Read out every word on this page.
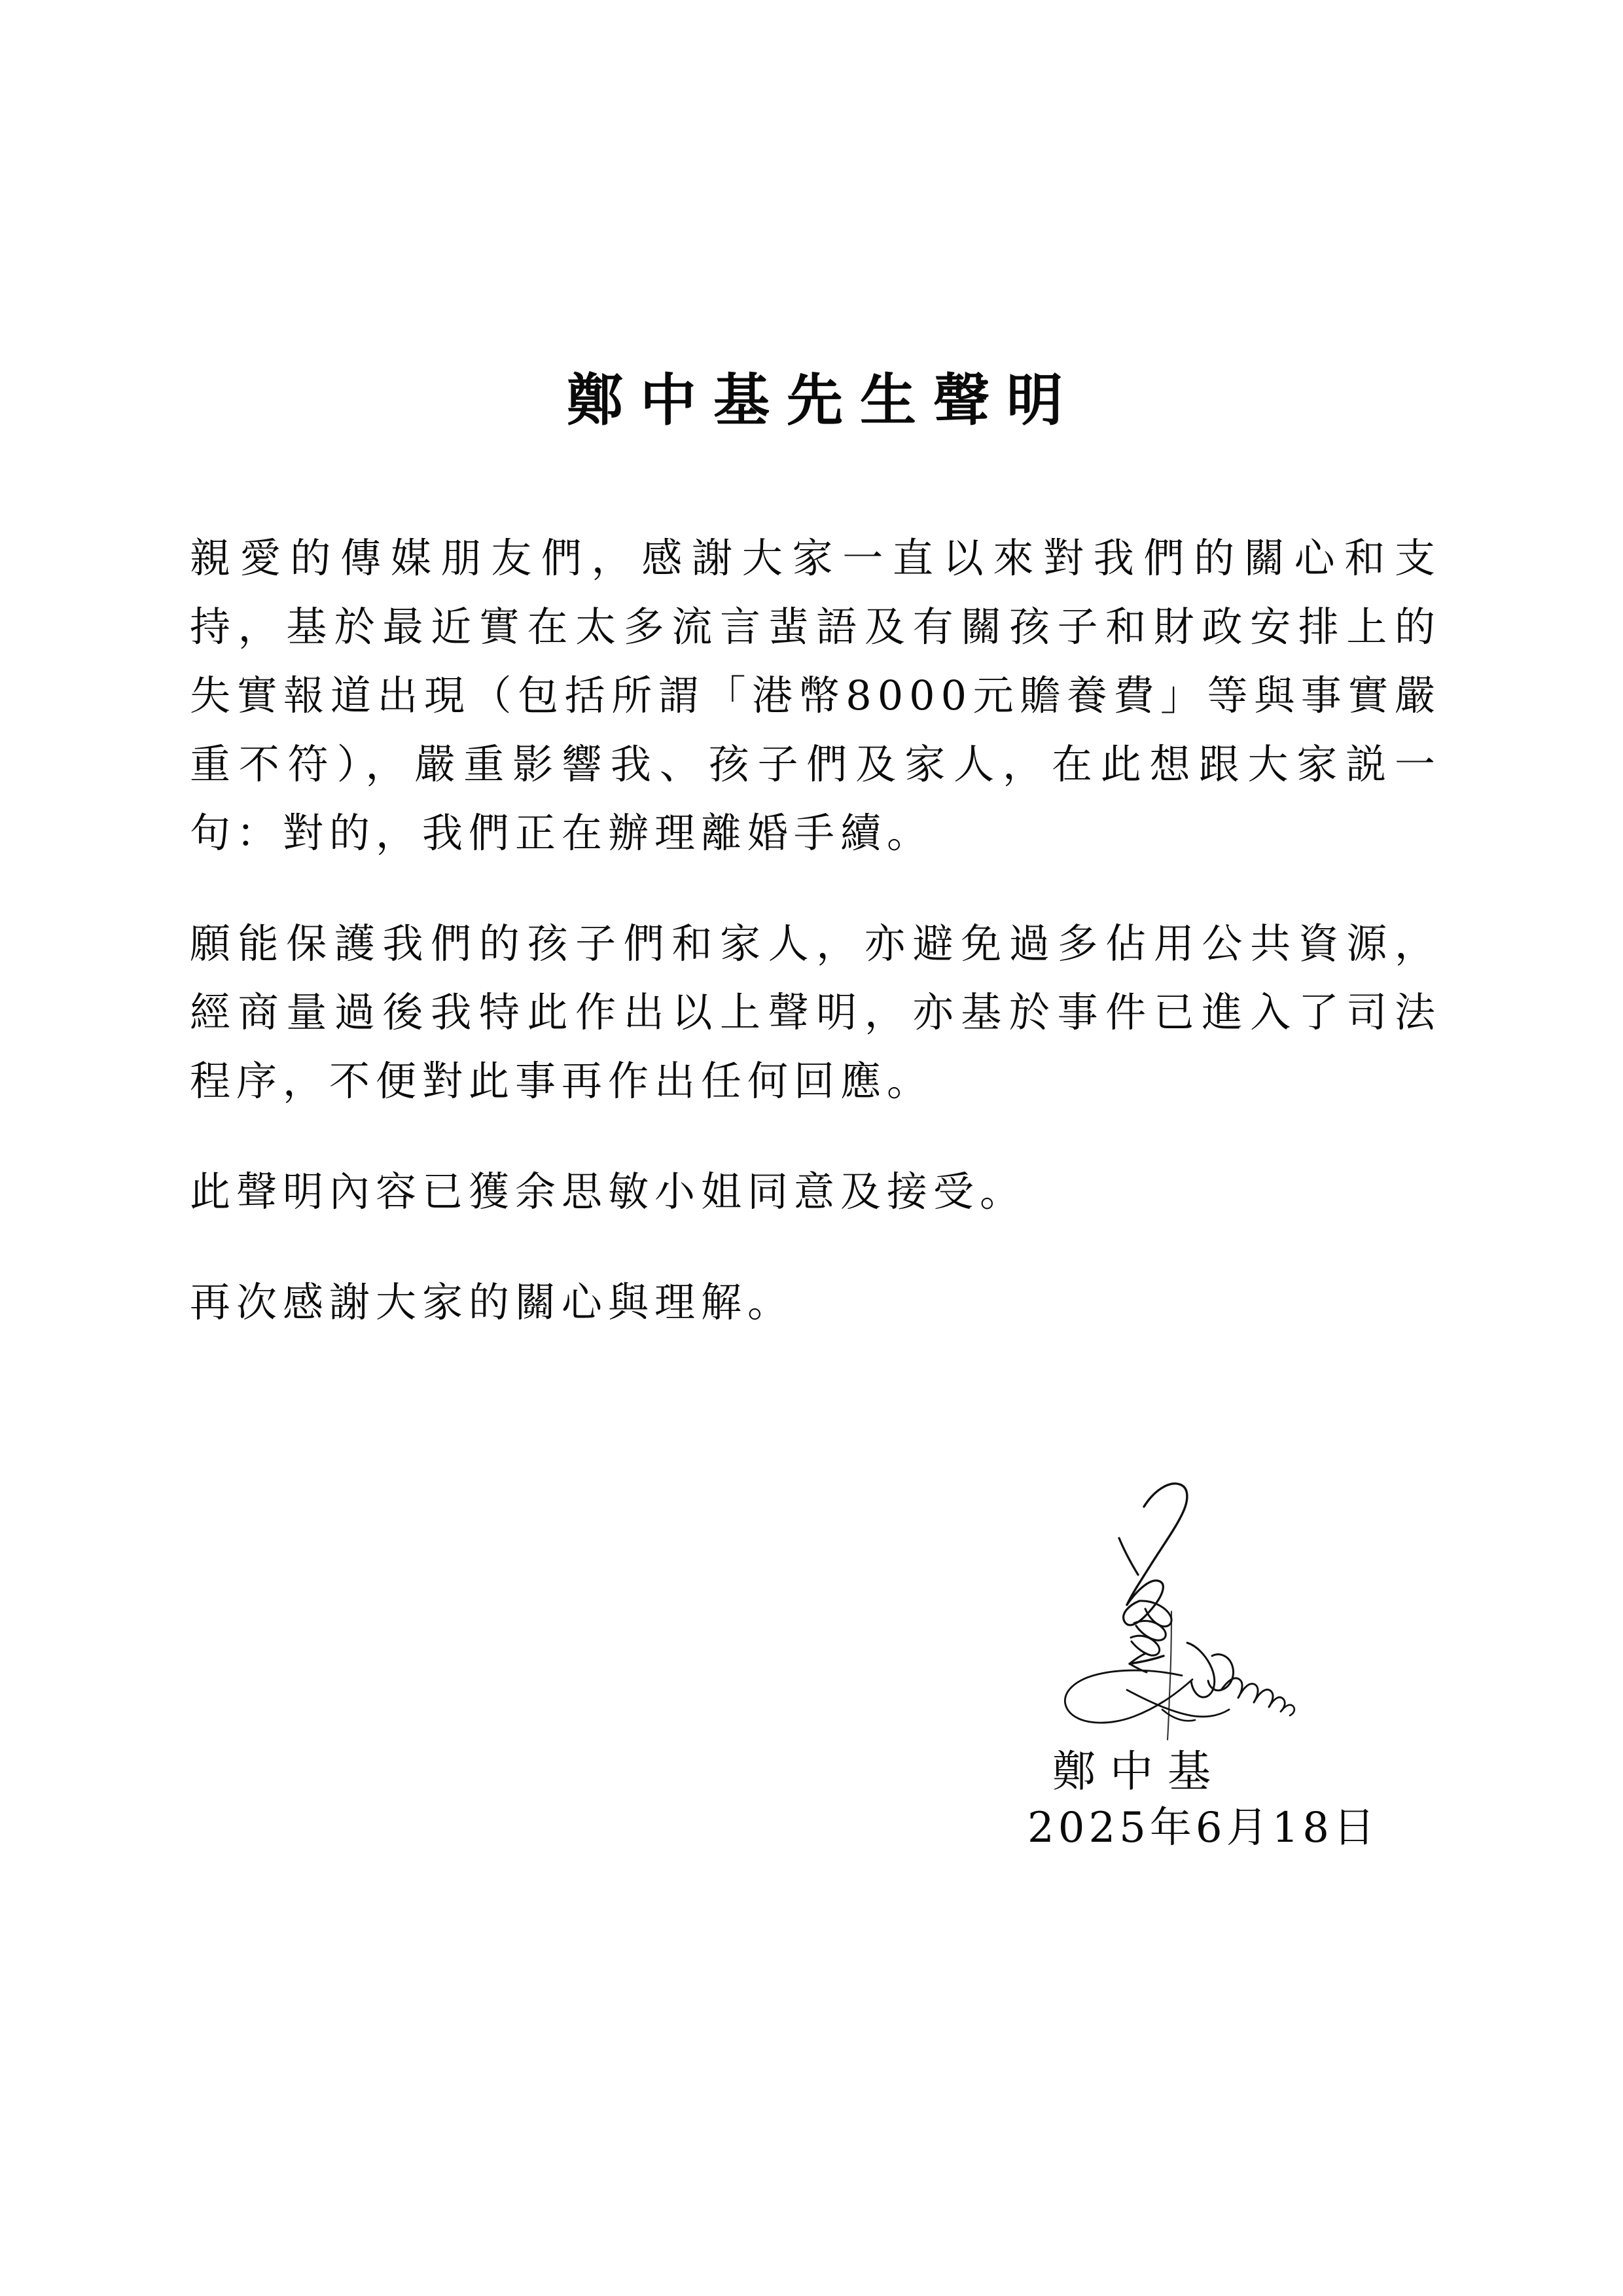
鄭中基先生聲明

親愛的傳媒朋友們，感謝大家一直以來對我們的關心和支持，基於最近實在太多流言蜚語及有關孩子和財政安排上的失實報道出現（包括所謂「港幣8000元贍養費」等與事實嚴重不符），嚴重影響我、孩子們及家人，在此想跟大家説一句：對的，我們正在辦理離婚手續。

願能保護我們的孩子們和家人，亦避免過多佔用公共資源，經商量過後我特此作出以上聲明，亦基於事件已進入了司法程序，不便對此事再作出任何回應。

此聲明內容已獲余思敏小姐同意及接受。

再次感謝大家的關心與理解。

鄭中基
2025年6月18日
